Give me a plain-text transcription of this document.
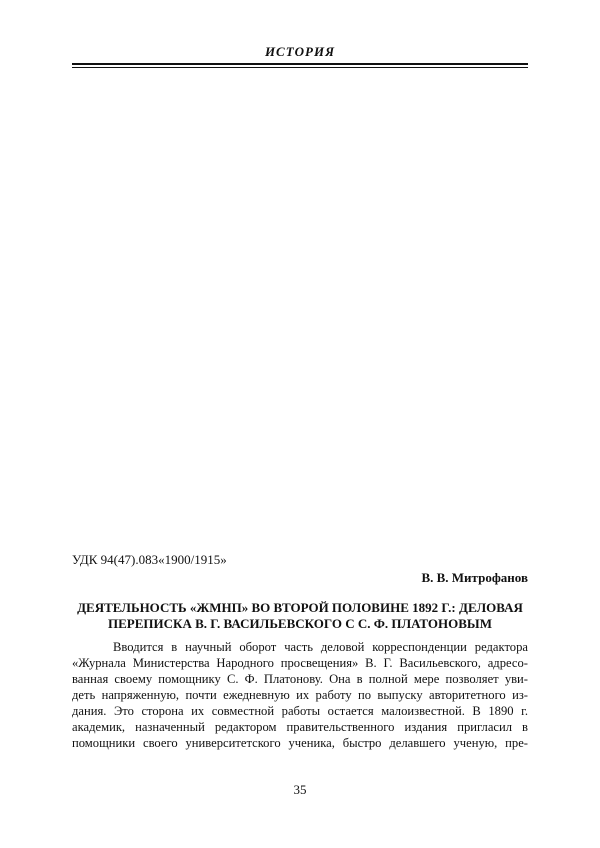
ИСТОРИЯ
УДК 94(47).083«1900/1915»
В. В. Митрофанов
ДЕЯТЕЛЬНОСТЬ «ЖМНП» ВО ВТОРОЙ ПОЛОВИНЕ 1892 Г.: ДЕЛОВАЯ
ПЕРЕПИСКА В. Г. ВАСИЛЬЕВСКОГО С С. Ф. ПЛАТОНОВЫМ
Вводится в научный оборот часть деловой корреспонденции редактора
«Журнала Министерства Народного просвещения» В. Г. Васильевского, адресо-
ванная своему помощнику С. Ф. Платонову. Она в полной мере позволяет уви-
деть напряженную, почти ежедневную их работу по выпуску авторитетного из-
дания. Это сторона их совместной работы остается малоизвестной. В 1890 г.
академик, назначенный редактором правительственного издания пригласил в
помощники своего университетского ученика, быстро делавшего ученую, пре-
35
